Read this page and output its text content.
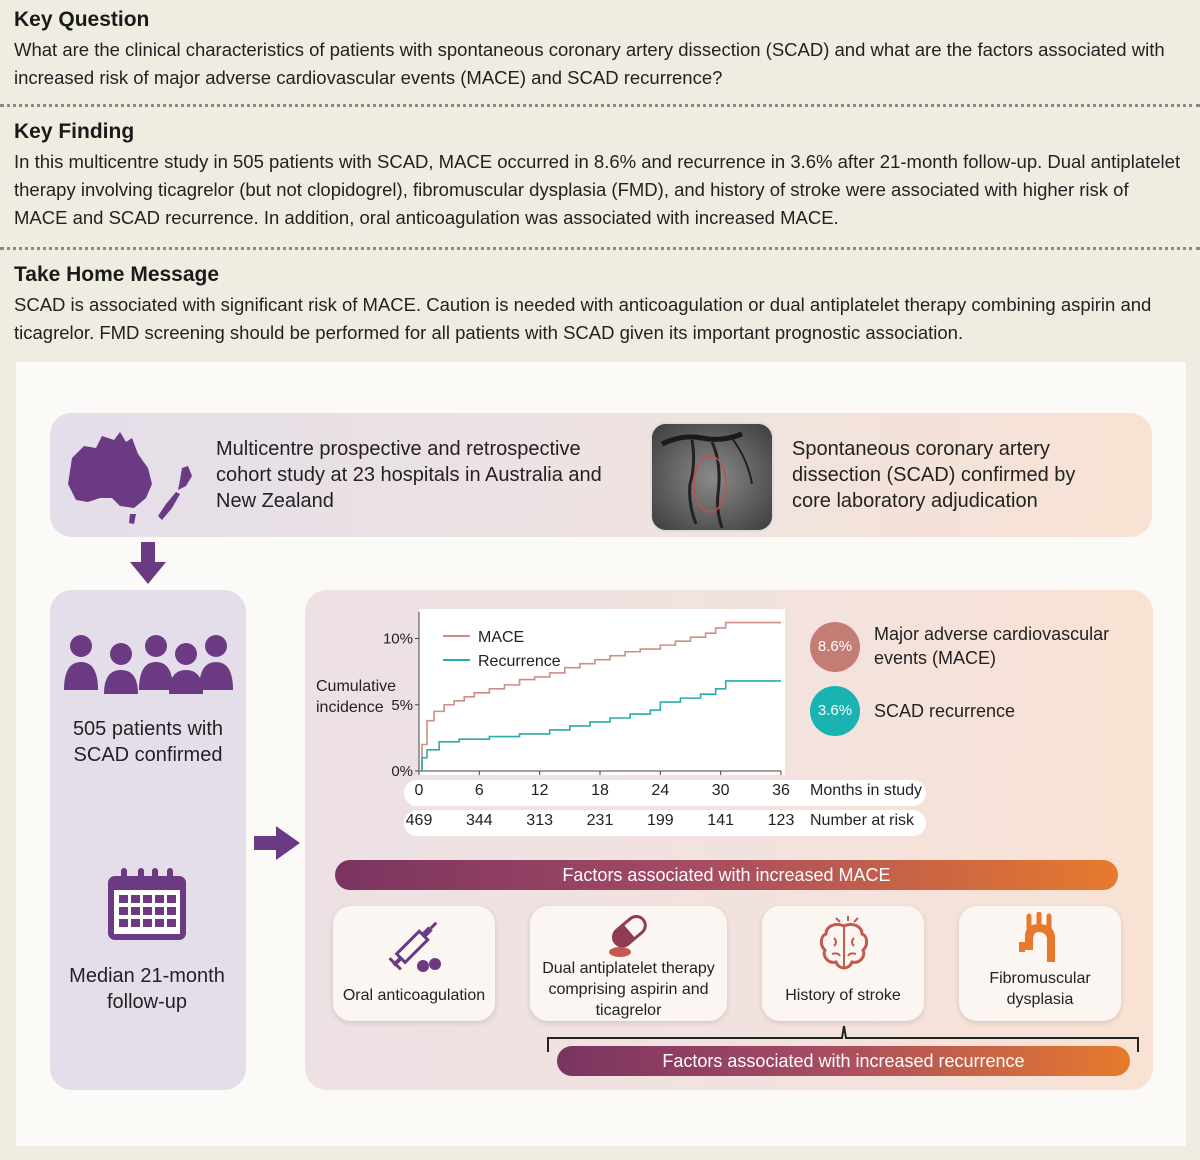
Key Question

What are the clinical characteristics of patients with spontaneous coronary artery dissection (SCAD) and what are the factors associated with increased risk of major adverse cardiovascular events (MACE) and SCAD recurrence?

Key Finding

In this multicentre study in 505 patients with SCAD, MACE occurred in 8.6% and recurrence in 3.6% after 21-month follow-up. Dual antiplatelet therapy involving ticagrelor (but not clopidogrel), fibromuscular dysplasia (FMD), and history of stroke were associated with higher risk of MACE and SCAD recurrence. In addition, oral anticoagulation was associated with increased MACE.

Take Home Message

SCAD is associated with significant risk of MACE. Caution is needed with anticoagulation or dual antiplatelet therapy combining aspirin and ticagrelor. FMD screening should be performed for all patients with SCAD given its important prognostic association.

Multicentre prospective and retrospective cohort study at 23 hospitals in Australia and New Zealand
Spontaneous coronary artery dissection (SCAD) confirmed by core laboratory adjudication
505 patients with SCAD confirmed
Median 21-month follow-up
0%
5%
10%	MACE
Recurrence
Cumulative incidence
Months in study
Number at risk
8.6%
Major adverse cardiovascular events (MACE)
3.6%	SCAD recurrence
Factors associated with increased MACE
Oral anticoagulation
Dual antiplatelet therapy comprising aspirin and ticagrelor
History of stroke
Fibromuscular dysplasia
Factors associated with increased recurrence
0
469
6
344
12
313
18
231
24
199
30
141
36
123
